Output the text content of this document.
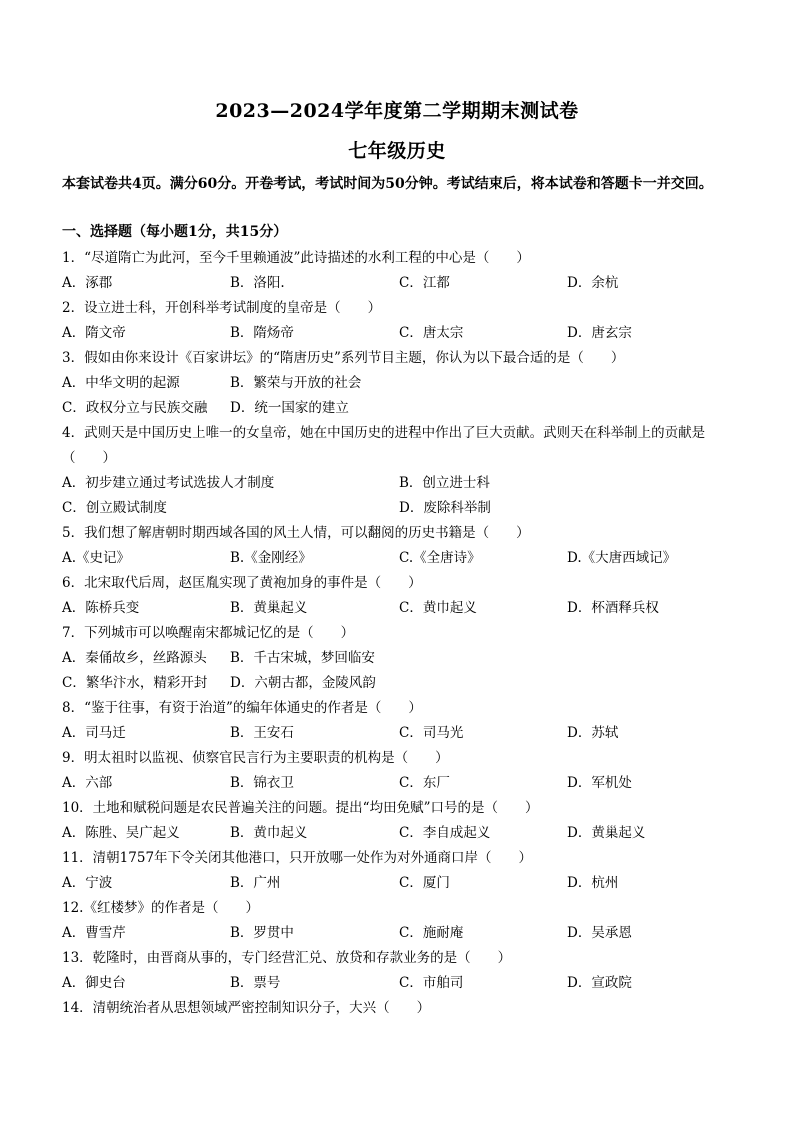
2023—2024学年度第二学期期末测试卷
七年级历史
本套试卷共4页。满分60分。开卷考试，考试时间为50分钟。考试结束后，将本试卷和答题卡一并交回。
一、选择题（每小题1分，共15分）
1．“尽道隋亡为此河，至今千里赖通波”此诗描述的水利工程的中心是（　　）
A．涿郡	B．洛阳.	C．江都	D．余杭
2．设立进士科，开创科举考试制度的皇帝是（　　）
A．隋文帝	B．隋炀帝	C．唐太宗	D．唐玄宗
3．假如由你来设计《百家讲坛》的“隋唐历史”系列节目主题，你认为以下最合适的是（　　）
A．中华文明的起源	B．繁荣与开放的社会
C．政权分立与民族交融 D．统一国家的建立
4．武则天是中国历史上唯一的女皇帝，她在中国历史的进程中作出了巨大贡献。武则天在科举制上的贡献是
（　　）
A．初步建立通过考试选拔人才制度	B．创立进士科
C．创立殿试制度	D．废除科举制
5．我们想了解唐朝时期西域各国的风土人情，可以翻阅的历史书籍是（　　）
A.《史记》	B.《金刚经》	C.《全唐诗》	D.《大唐西域记》
6．北宋取代后周，赵匡胤实现了黄袍加身的事件是（　　）
A．陈桥兵变	B．黄巢起义	C．黄巾起义	D．杯酒释兵权
7．下列城市可以唤醒南宋都城记忆的是（　　）
A．秦俑故乡，丝路源头 B．千古宋城，梦回临安
C．繁华汴水，精彩开封 D．六朝古都，金陵风韵
8．“鉴于往事，有资于治道”的编年体通史的作者是（　　）
A．司马迁	B．王安石	C．司马光	D．苏轼
9．明太祖时以监视、侦察官民言行为主要职责的机构是（　　）
A．六部	B．锦衣卫	C．东厂	D．军机处
10．土地和赋税问题是农民普遍关注的问题。提出“均田免赋”口号的是（　　）
A．陈胜、吴广起义	B．黄巾起义	C．李自成起义	D．黄巢起义
11．清朝1757年下令关闭其他港口，只开放哪一处作为对外通商口岸（　　）
A．宁波	B．广州	C．厦门	D．杭州
12.《红楼梦》的作者是（　　）
A．曹雪芹	B．罗贯中	C．施耐庵	D．吴承恩
13．乾隆时，由晋商从事的，专门经营汇兑、放贷和存款业务的是（　　）
A．御史台	B．票号	C．市舶司	D．宣政院
14．清朝统治者从思想领域严密控制知识分子，大兴（　　）
